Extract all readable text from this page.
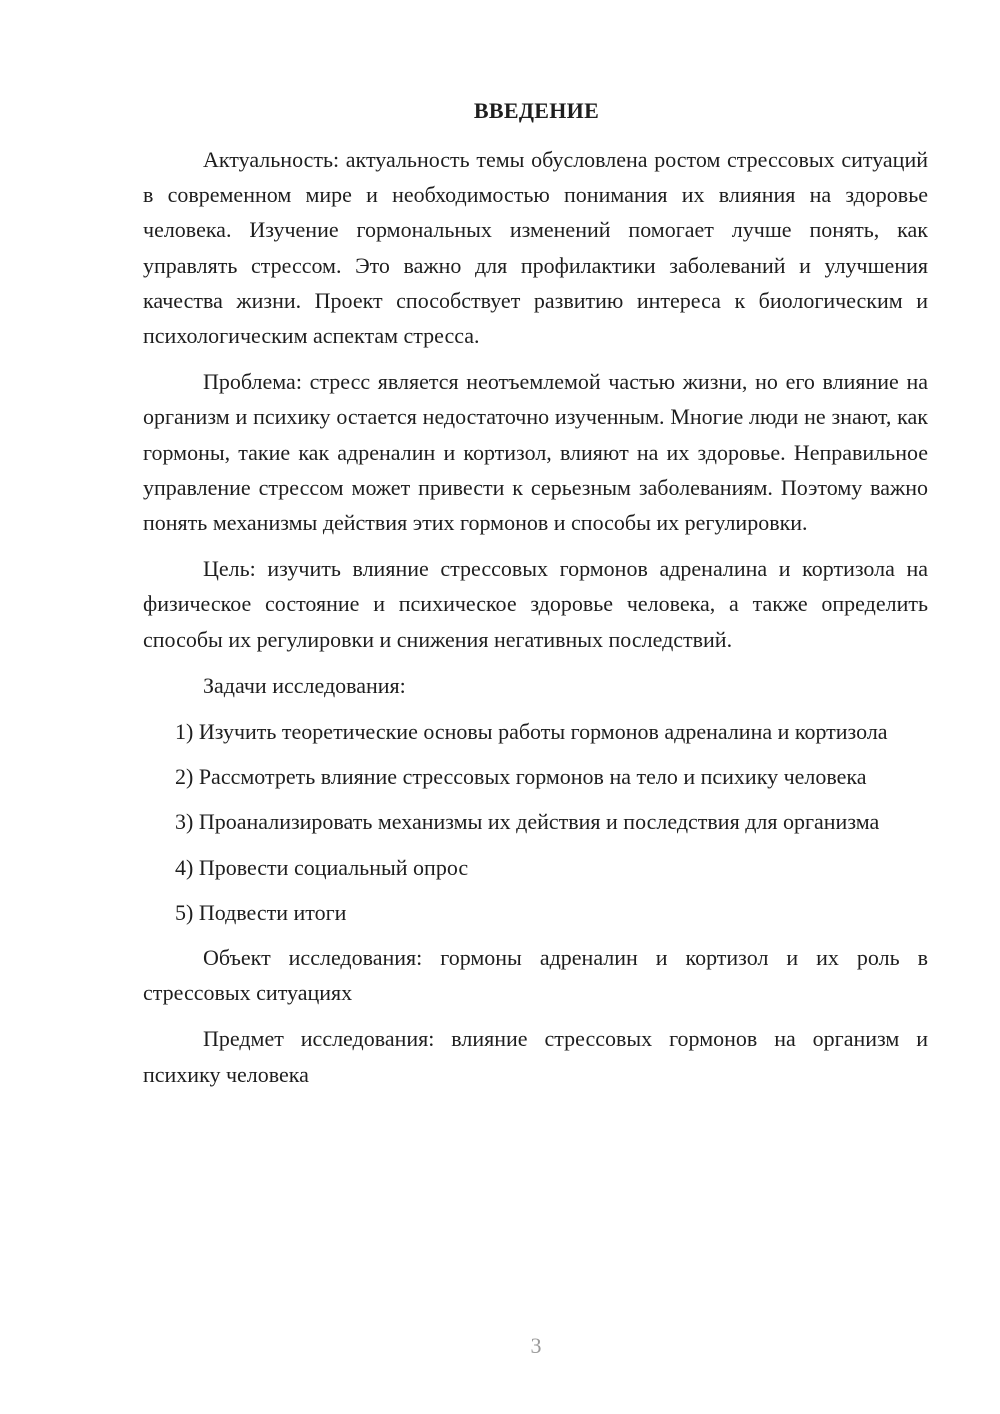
ВВЕДЕНИЕ

Актуальность: актуальность темы обусловлена ростом стрессовых ситуаций в современном мире и необходимостью понимания их влияния на здоровье человека. Изучение гормональных изменений помогает лучше понять, как управлять стрессом. Это важно для профилактики заболеваний и улучшения качества жизни. Проект способствует развитию интереса к биологическим и психологическим аспектам стресса.

Проблема: стресс является неотъемлемой частью жизни, но его влияние на организм и психику остается недостаточно изученным. Многие люди не знают, как гормоны, такие как адреналин и кортизол, влияют на их здоровье. Неправильное управление стрессом может привести к серьезным заболеваниям. Поэтому важно понять механизмы действия этих гормонов и способы их регулировки.

Цель: изучить влияние стрессовых гормонов адреналина и кортизола на физическое состояние и психическое здоровье человека, а также определить способы их регулировки и снижения негативных последствий.

Задачи исследования:

1) Изучить теоретические основы работы гормонов адреналина и кортизола

2) Рассмотреть влияние стрессовых гормонов на тело и психику человека

3) Проанализировать механизмы их действия и последствия для организма

4) Провести социальный опрос

5) Подвести итоги

Объект исследования: гормоны адреналин и кортизол и их роль в стрессовых ситуациях

Предмет исследования: влияние стрессовых гормонов на организм и психику человека

3
